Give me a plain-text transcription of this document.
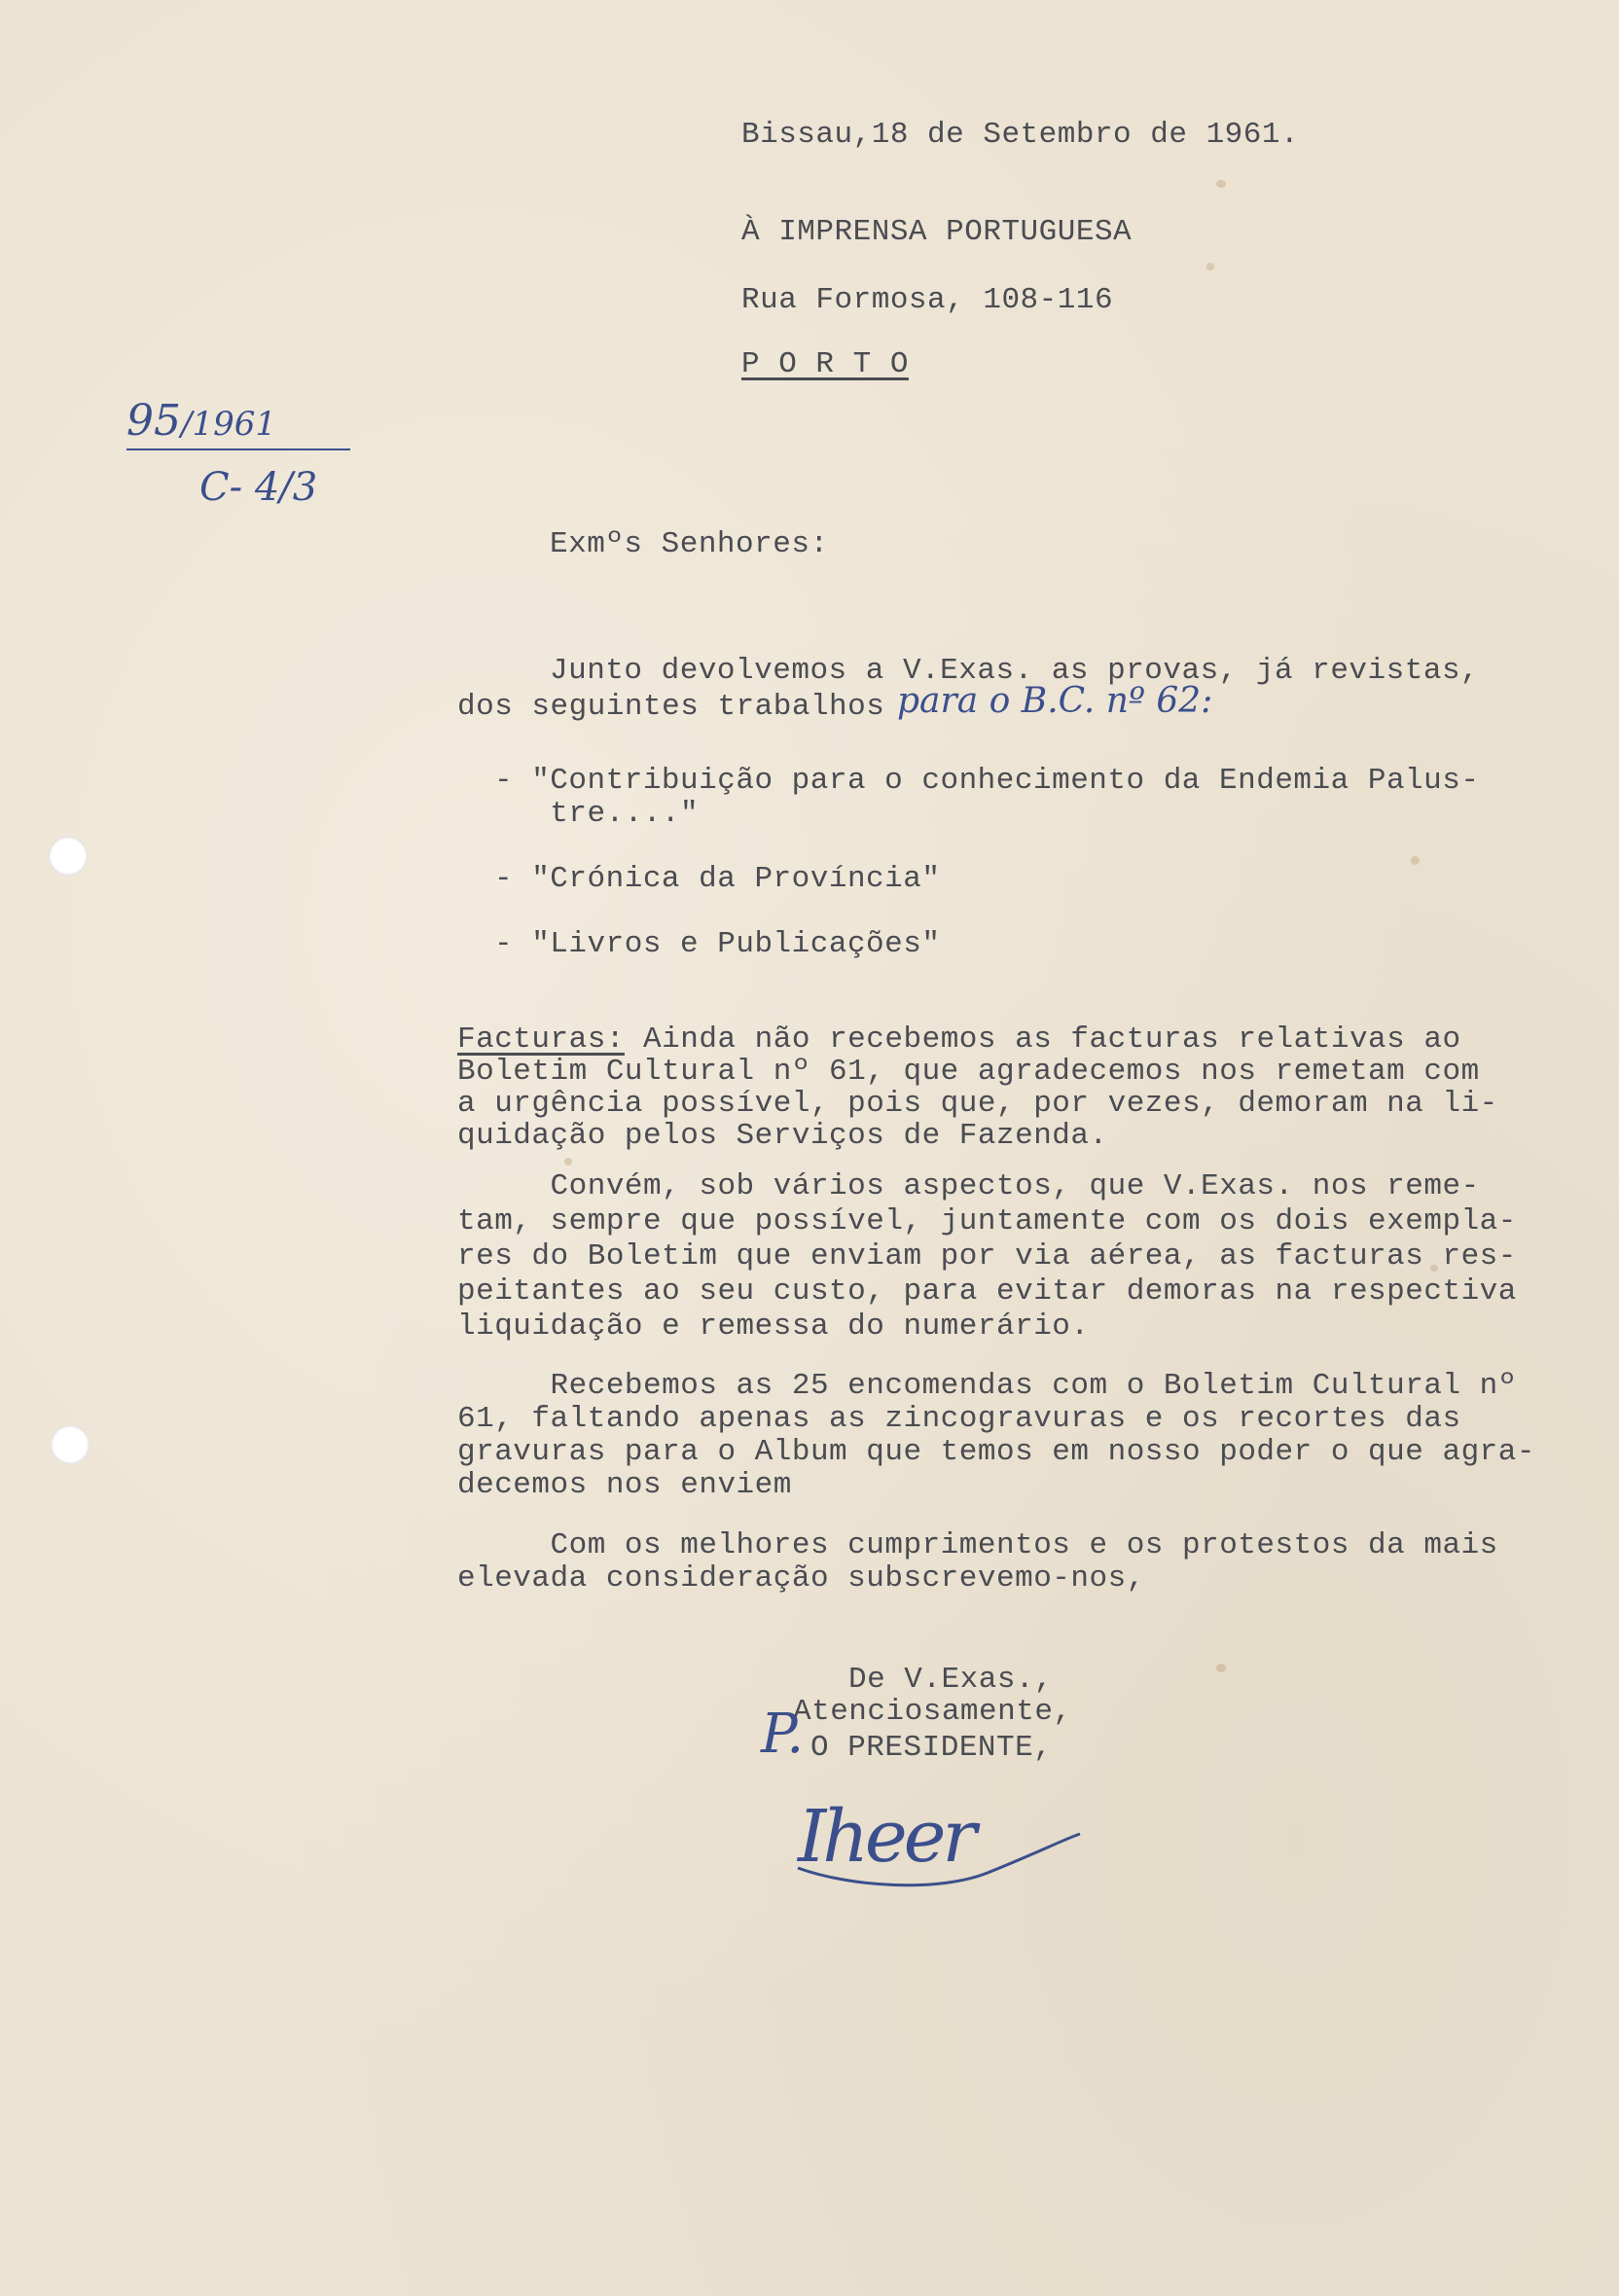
Bissau,18 de Setembro de 1961.
À IMPRENSA PORTUGUESA
Rua Formosa, 108-116
P O R T O
95/1961
C- 4/3
Exmºs Senhores:
Junto devolvemos a V.Exas. as provas, já revistas,
dos seguintes trabalhos para o B.C. nº 62:
- "Contribuição para o conhecimento da Endemia Palus-
tre...."
- "Crónica da Província"
- "Livros e Publicações"
Facturas: Ainda não recebemos as facturas relativas ao
Boletim Cultural nº 61, que agradecemos nos remetam com
a urgência possível, pois que, por vezes, demoram na li-
quidação pelos Serviços de Fazenda.
Convém, sob vários aspectos, que V.Exas. nos reme-
tam, sempre que possível, juntamente com os dois exempla-
res do Boletim que enviam por via aérea, as facturas res-
peitantes ao seu custo, para evitar demoras na respectiva
liquidação e remessa do numerário.
Recebemos as 25 encomendas com o Boletim Cultural nº
61, faltando apenas as zincogravuras e os recortes das
gravuras para o Album que temos em nosso poder o que agra-
decemos nos enviem
Com os melhores cumprimentos e os protestos da mais
elevada consideração subscrevemo-nos,
De V.Exas.,
Atenciosamente,
O PRESIDENTE,
P.
Iheer
